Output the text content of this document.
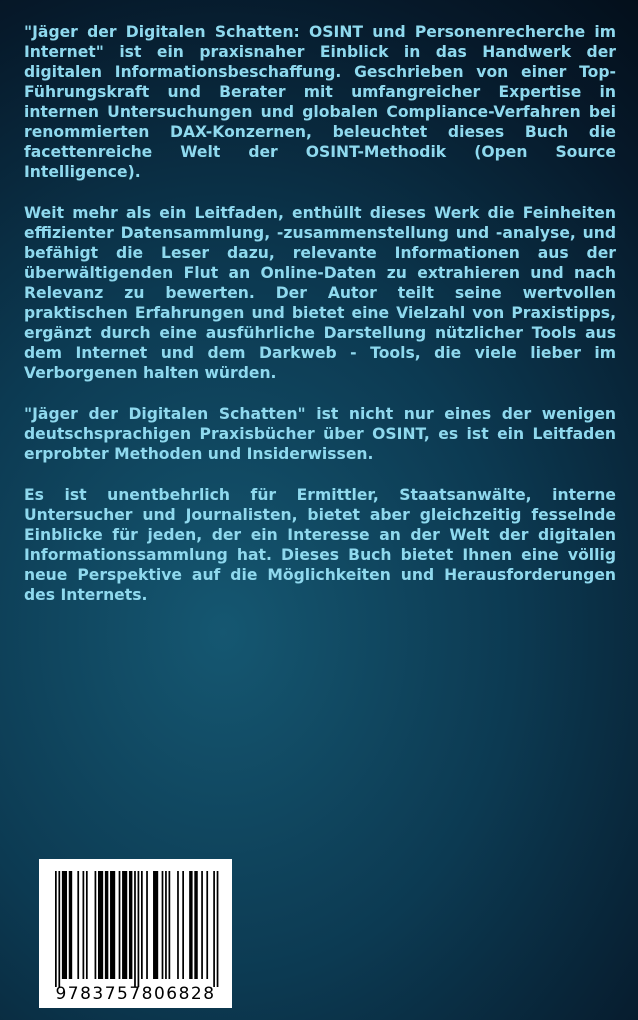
"Jäger der Digitalen Schatten: OSINT und Personenrecherche im Internet" ist ein praxisnaher Einblick in das Handwerk der digitalen Informationsbeschaffung. Geschrieben von einer Top-Führungskraft und Berater mit umfangreicher Expertise in internen Untersuchungen und globalen Compliance-Verfahren bei renommierten DAX-Konzernen, beleuchtet dieses Buch die facettenreiche Welt der OSINT-Methodik (Open Source Intelligence).

Weit mehr als ein Leitfaden, enthüllt dieses Werk die Feinheiten effizienter Datensammlung, -zusammenstellung und -analyse, und befähigt die Leser dazu, relevante Informationen aus der überwältigenden Flut an Online-Daten zu extrahieren und nach Relevanz zu bewerten. Der Autor teilt seine wertvollen praktischen Erfahrungen und bietet eine Vielzahl von Praxistipps, ergänzt durch eine ausführliche Darstellung nützlicher Tools aus dem Internet und dem Darkweb - Tools, die viele lieber im Verborgenen halten würden.

"Jäger der Digitalen Schatten" ist nicht nur eines der wenigen deutschsprachigen Praxisbücher über OSINT, es ist ein Leitfaden erprobter Methoden und Insiderwissen.

Es ist unentbehrlich für Ermittler, Staatsanwälte, interne Untersucher und Journalisten, bietet aber gleichzeitig fesselnde Einblicke für jeden, der ein Interesse an der Welt der digitalen Informationssammlung hat. Dieses Buch bietet Ihnen eine völlig neue Perspektive auf die Möglichkeiten und Herausforderungen des Internets.

9783757806828
